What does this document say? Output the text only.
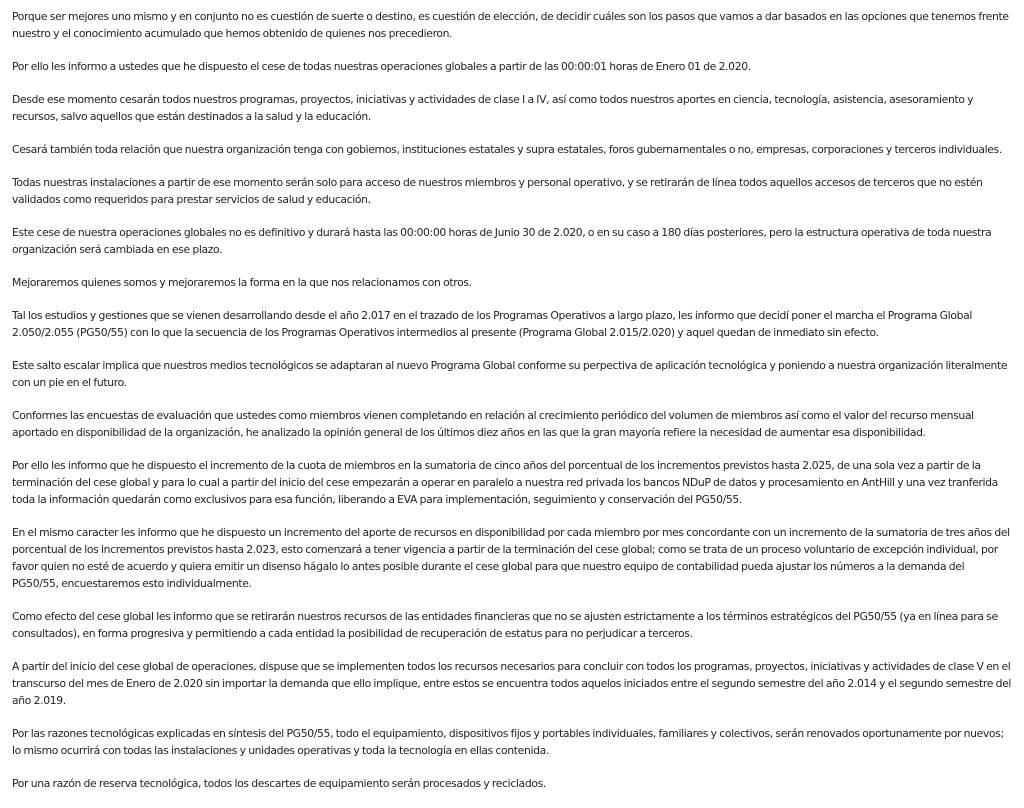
Porque ser mejores uno mismo y en conjunto no es cuestión de suerte o destino, es cuestión de elección, de decidir cuáles son los pasos que vamos a dar basados en las opciones que tenemos frente nuestro y el conocimiento acumulado que hemos obtenido de quienes nos precedieron.

Por ello les informo a ustedes que he dispuesto el cese de todas nuestras operaciones globales a partir de las 00:00:01 horas de Enero 01 de 2.020.

Desde ese momento cesarán todos nuestros programas, proyectos, iniciativas y actividades de clase I a IV, así como todos nuestros aportes en ciencia, tecnología, asistencia, asesoramiento y recursos, salvo aquellos que están destinados a la salud y la educación.

Cesará también toda relación que nuestra organización tenga con gobiernos, instituciones estatales y supra estatales, foros gubernamentales o no, empresas, corporaciones y terceros individuales.

Todas nuestras instalaciones a partir de ese momento serán solo para acceso de nuestros miembros y personal operativo, y se retirarán de línea todos aquellos accesos de terceros que no estén validados como requeridos para prestar servicios de salud y educación.

Este cese de nuestra operaciones globales no es definitivo y durará hasta las 00:00:00 horas de Junio 30 de 2.020, o en su caso a 180 días posteriores, pero la estructura operativa de toda nuestra organización será cambiada en ese plazo.

Mejoraremos quienes somos y mejoraremos la forma en la que nos relacionamos con otros.

Tal los estudios y gestiones que se vienen desarrollando desde el año 2.017 en el trazado de los Programas Operativos a largo plazo, les informo que decidí poner el marcha el Programa Global 2.050/2.055 (PG50/55) con lo que la secuencia de los Programas Operativos intermedios al presente (Programa Global 2.015/2.020) y aquel quedan de inmediato sin efecto.

Este salto escalar implica que nuestros medios tecnológicos se adaptaran al nuevo Programa Global conforme su perpectiva de aplicación tecnológica y poniendo a nuestra organización literalmente con un pie en el futuro.

Conformes las encuestas de evaluación que ustedes como miembros vienen completando en relación al crecimiento periódico del volumen de miembros así como el valor del recurso mensual aportado en disponibilidad de la organización, he analizado la opinión general de los últimos diez años en las que la gran mayoría refiere la necesidad de aumentar esa disponibilidad.

Por ello les informo que he dispuesto el incremento de la cuota de miembros en la sumatoria de cinco años del porcentual de los incrementos previstos hasta 2.025, de una sola vez a partir de la terminación del cese global y para lo cual a partir del inicio del cese empezarán a operar en paralelo a nuestra red privada los bancos NDuP de datos y procesamiento en AntHill y una vez tranferida toda la información quedarán como exclusivos para esa función, liberando a EVA para implementación, seguimiento y conservación del PG50/55.

En el mismo caracter les informo que he dispuesto un incremento del aporte de recursos en disponibilidad por cada miembro por mes concordante con un incremento de la sumatoria de tres años del porcentual de los incrementos previstos hasta 2.023, esto comenzará a tener vigencia a partir de la terminación del cese global; como se trata de un proceso voluntario de excepción individual, por favor quien no esté de acuerdo y quiera emitir un disenso hágalo lo antes posible durante el cese global para que nuestro equipo de contabilidad pueda ajustar los números a la demanda del PG50/55, encuestaremos esto individualmente.

Como efecto del cese global les informo que se retirarán nuestros recursos de las entidades financieras que no se ajusten estrictamente a los términos estratégicos del PG50/55 (ya en línea para se consultados), en forma progresiva y permitiendo a cada entidad la posibilidad de recuperación de estatus para no perjudicar a terceros.

A partir del inicio del cese global de operaciones, dispuse que se implementen todos los recursos necesarios para concluir con todos los programas, proyectos, iniciativas y actividades de clase V en el transcurso del mes de Enero de 2.020 sin importar la demanda que ello implique, entre estos se encuentra todos aquelos iniciados entre el segundo semestre del año 2.014 y el segundo semestre del año 2.019.

Por las razones tecnológicas explicadas en síntesis del PG50/55, todo el equipamiento, dispositivos fijos y portables individuales, familiares y colectivos, serán renovados oportunamente por nuevos; lo mismo ocurrirá con todas las instalaciones y unidades operativas y toda la tecnología en ellas contenida.

Por una razón de reserva tecnológica, todos los descartes de equipamiento serán procesados y reciclados.
